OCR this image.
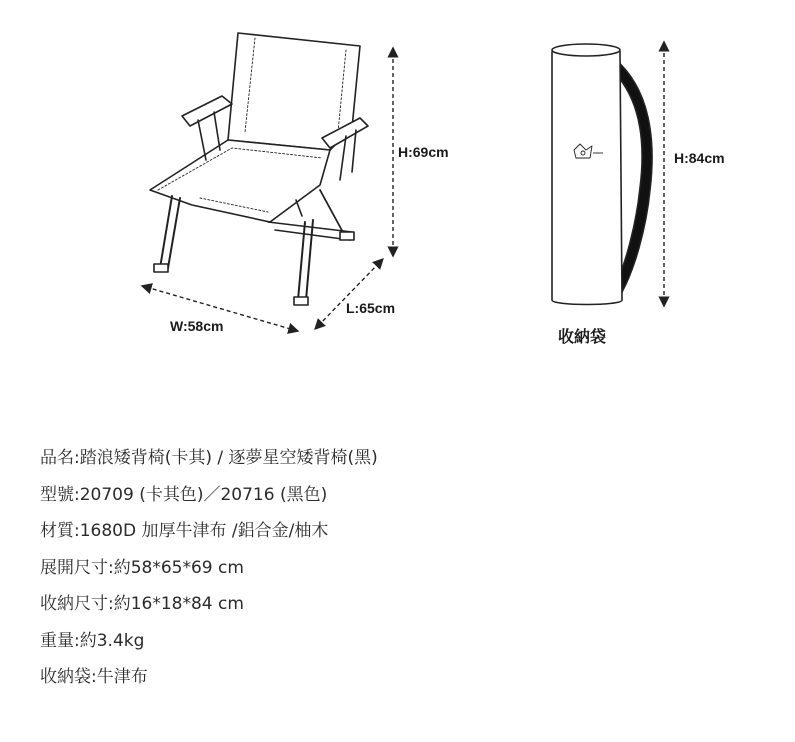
H:69cm
W:58cm
L:65cm
H:84cm
收納袋
品名:踏浪矮背椅(卡其) / 逐夢星空矮背椅(黑)
型號:20709 (卡其色)／20716 (黑色)
材質:1680D 加厚牛津布 /鋁合金/柚木
展開尺寸:約58*65*69 cm
收納尺寸:約16*18*84 cm
重量:約3.4kg
收納袋:牛津布
